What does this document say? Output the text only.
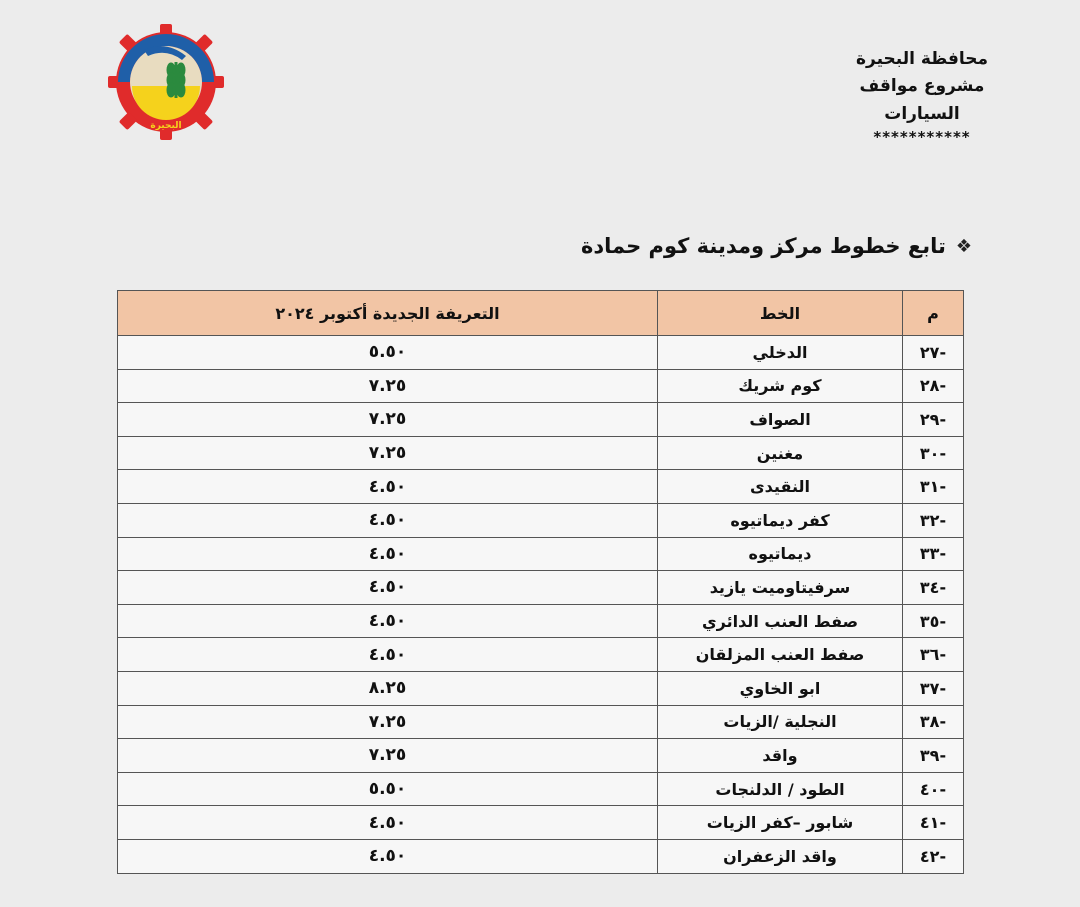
البحيرة
محافظة البحيرة
مشروع مواقف السيارات
***********
❖
تابع خطوط مركز ومدينة كوم حمادة
م	الخط	التعريفة الجديدة أكتوبر ٢٠٢٤
٢٧-	الدخلي	٥.٥٠
٢٨-	كوم شريك	٧.٢٥
٢٩-	الصواف	٧.٢٥
٣٠-	مغنين	٧.٢٥
٣١-	النقيدى	٤.٥٠
٣٢-	كفر ديماتيوه	٤.٥٠
٣٣-	ديماتيوه	٤.٥٠
٣٤-	سرفيتاوميت يازيد	٤.٥٠
٣٥-	صفط العنب الدائري	٤.٥٠
٣٦-	صفط العنب المزلقان	٤.٥٠
٣٧-	ابو الخاوي	٨.٢٥
٣٨-	النجلية /الزيات	٧.٢٥
٣٩-	واقد	٧.٢٥
٤٠-	الطود / الدلنجات	٥.٥٠
٤١-	شابور –كفر الزيات	٤.٥٠
٤٢-	واقد الزعفران	٤.٥٠
